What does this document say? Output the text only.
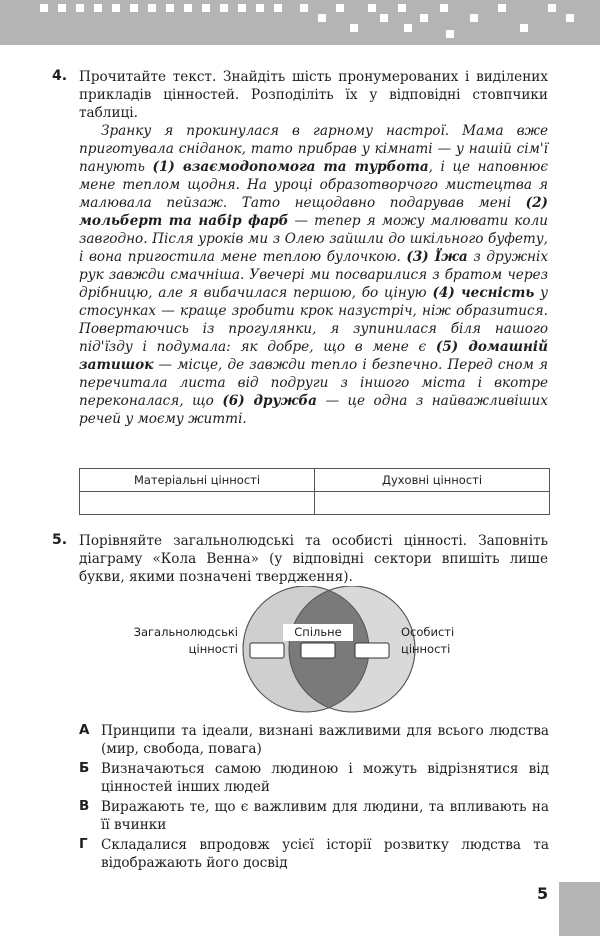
4. Прочитайте текст. Знайдіть шість пронумерованих і виділених прикладів цінностей. Розподіліть їх у відповідні стовпчики таблиці.
Зранку я прокинулася в гарному настрої. Мама вже приготувала сніданок, тато прибрав у кімнаті — у нашій сім'ї панують (1) взаємодопомога та турбота, і це наповнює мене теплом щодня. На уроці образотворчого мистецтва я малювала пейзаж. Тато нещодавно подарував мені (2) мольберт та набір фарб — тепер я можу малювати коли завгодно. Після уроків ми з Олею зайшли до шкільного буфету, і вона пригостила мене теплою булочкою. (3) Їжа з дружніх рук завжди смачніша. Увечері ми посварилися з братом через дрібницю, але я вибачилася першою, бо ціную (4) чесність у стосунках — краще зробити крок назустріч, ніж образитися. Повертаючись із прогулянки, я зупинилася біля нашого під'їзду і подумала: як добре, що в мене є (5) домашній затишок — місце, де завжди тепло і безпечно. Перед сном я перечитала листа від подруги з іншого міста і вкотре переконалася, що (6) дружба — це одна з найважливіших речей у моєму житті.
Матеріальні цінності	Духовні цінності

5. Порівняйте загальнолюдські та особисті цінності. Заповніть діаграму «Кола Венна» (у відповідні сектори впишіть лише букви, якими позначені твердження).
Загальнолюдські
цінності
Спільне	Особисті
цінності
А Принципи та ідеали, визнані важливими для всього людства (мир, свобода, повага)
Б Визначаються самою людиною і можуть відрізнятися від цінностей інших людей
В Виражають те, що є важливим для людини, та впливають на її вчинки
Г Складалися впродовж усієї історії розвитку людства та відображають його досвід
5
